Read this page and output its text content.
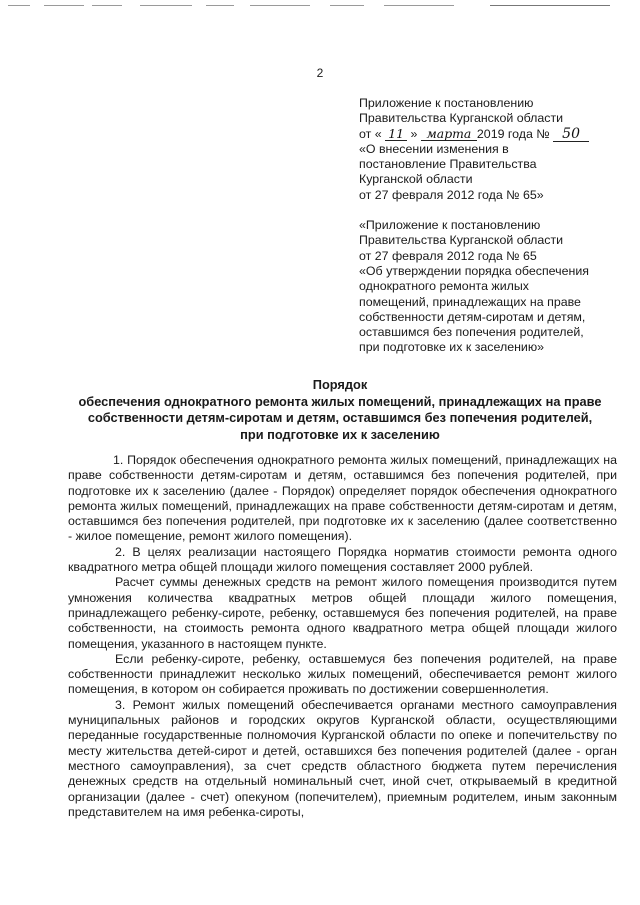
2
Приложение к постановлению
Правительства Курганской области
от « 11 » марта 2019 года № 50
«О внесении изменения в
постановление Правительства
Курганской области
от 27 февраля 2012 года № 65»
«Приложение к постановлению
Правительства Курганской области
от 27 февраля 2012 года № 65
«Об утверждении порядка обеспечения
однократного ремонта жилых
помещений, принадлежащих на праве
собственности детям-сиротам и детям,
оставшимся без попечения родителей,
при подготовке их к заселению»
Порядок
обеспечения однократного ремонта жилых помещений, принадлежащих на праве
собственности детям-сиротам и детям, оставшимся без попечения родителей,
при подготовке их к заселению

1. Порядок обеспечения однократного ремонта жилых помещений, принадлежащих на праве собственности детям-сиротам и детям, оставшимся без попечения родителей, при подготовке их к заселению (далее - Порядок) определяет порядок обеспечения однократного ремонта жилых помещений, принадлежащих на праве собственности детям-сиротам и детям, оставшимся без попечения родителей, при подготовке их к заселению (далее соответственно - жилое помещение, ремонт жилого помещения).

2. В целях реализации настоящего Порядка норматив стоимости ремонта одного квадратного метра общей площади жилого помещения составляет 2000 рублей.

Расчет суммы денежных средств на ремонт жилого помещения производится путем умножения количества квадратных метров общей площади жилого помещения, принадлежащего ребенку-сироте, ребенку, оставшемуся без попечения родителей, на праве собственности, на стоимость ремонта одного квадратного метра общей площади жилого помещения, указанного в настоящем пункте.

Если ребенку-сироте, ребенку, оставшемуся без попечения родителей, на праве собственности принадлежит несколько жилых помещений, обеспечивается ремонт жилого помещения, в котором он собирается проживать по достижении совершеннолетия.

3. Ремонт жилых помещений обеспечивается органами местного самоуправления муниципальных районов и городских округов Курганской области, осуществляющими переданные государственные полномочия Курганской области по опеке и попечительству по месту жительства детей-сирот и детей, оставшихся без попечения родителей (далее - орган местного самоуправления), за счет средств областного бюджета путем перечисления денежных средств на отдельный номинальный счет, иной счет, открываемый в кредитной организации (далее - счет) опекуном (попечителем), приемным родителем, иным законным представителем на имя ребенка-сироты,
